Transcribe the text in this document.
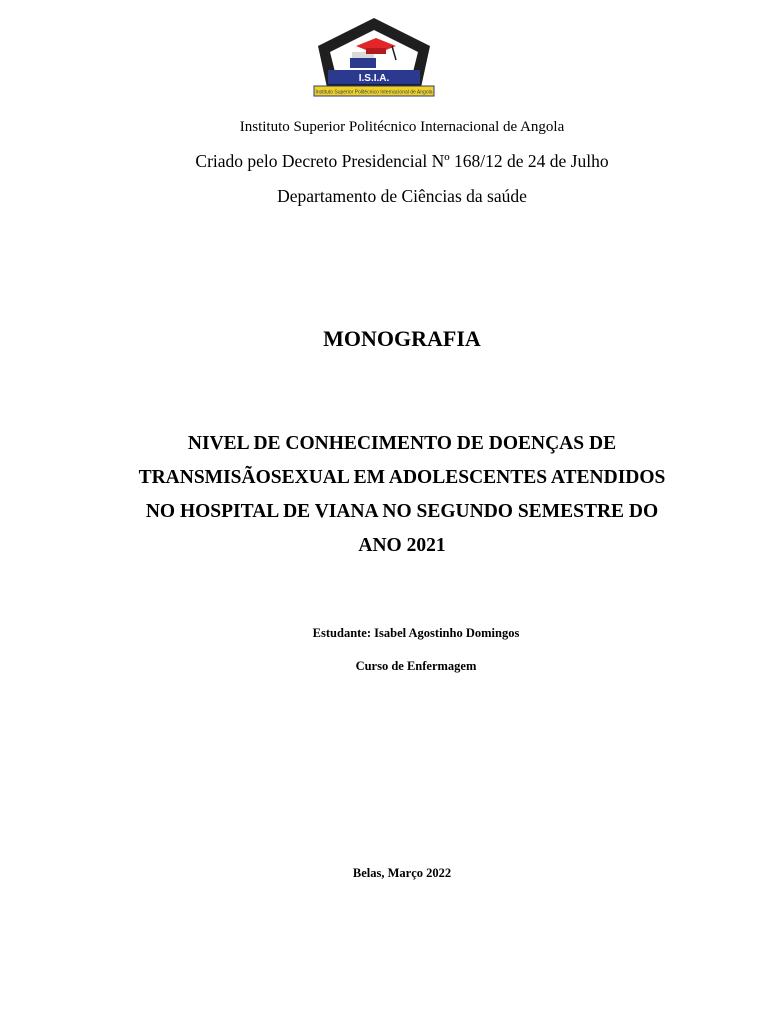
I.S.I.A.
Instituto Superior Politécnico Internacional de Angola
Instituto Superior Politécnico Internacional de Angola
Criado pelo Decreto Presidencial Nº 168/12 de 24 de Julho
Departamento de Ciências da saúde
MONOGRAFIA
NIVEL DE CONHECIMENTO DE DOENÇAS DE
TRANSMISÃOSEXUAL EM ADOLESCENTES ATENDIDOS
NO HOSPITAL DE VIANA NO SEGUNDO SEMESTRE DO
ANO 2021
Estudante: Isabel Agostinho Domingos
Curso de Enfermagem
Belas, Março 2022
